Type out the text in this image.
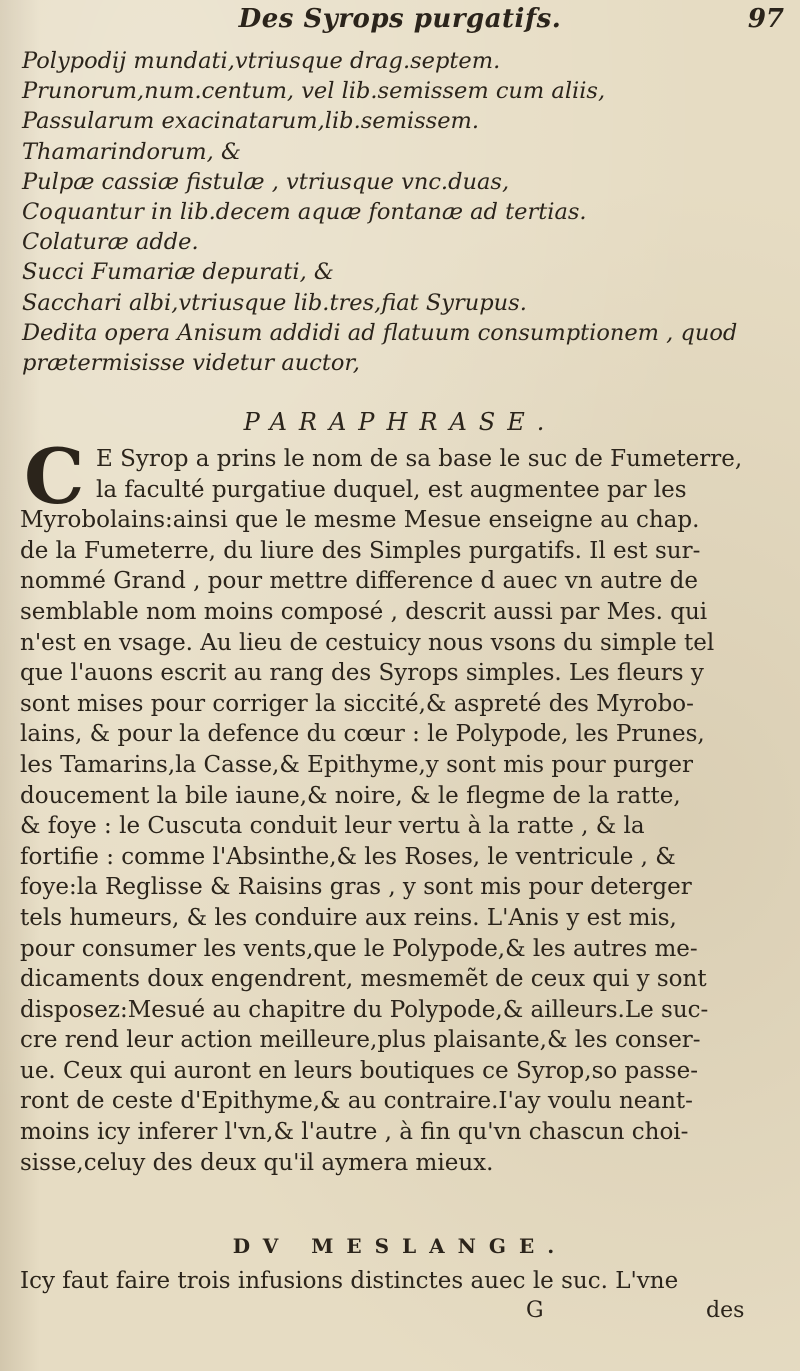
Des Syrops purgatifs.	97
Polypodij mundati,vtriusque drag.septem.
Prunorum,num.centum, vel lib.semissem cum aliis,
Passularum exacinatarum,lib.semissem.
Thamarindorum, &
Pulpæ cassiæ fistulæ , vtriusque vnc.duas,
Coquantur in lib.decem aquæ fontanæ ad tertias.
Colaturæ adde.
Succi Fumariæ depurati, &
Sacchari albi,vtriusque lib.tres,fiat Syrupus.
Dedita opera Anisum addidi ad flatuum consumptionem , quod
prætermisisse videtur auctor,
PARAPHRASE.
C E Syrop a prins le nom de sa base le suc de Fumeterre,
la faculté purgatiue duquel, est augmentee par les
Myrobolains:ainsi que le mesme Mesue enseigne au chap.
de la Fumeterre, du liure des Simples purgatifs. Il est sur-
nommé Grand , pour mettre difference d auec vn autre de
semblable nom moins composé , descrit aussi par Mes. qui
n'est en vsage. Au lieu de cestuicy nous vsons du simple tel
que l'auons escrit au rang des Syrops simples. Les fleurs y
sont mises pour corriger la siccité,& aspreté des Myrobo-
lains, & pour la defence du cœur : le Polypode, les Prunes,
les Tamarins,la Casse,& Epithyme,y sont mis pour purger
doucement la bile iaune,& noire, & le flegme de la ratte,
& foye : le Cuscuta conduit leur vertu à la ratte , & la
fortifie : comme l'Absinthe,& les Roses, le ventricule , &
foye:la Reglisse & Raisins gras , y sont mis pour deterger
tels humeurs, & les conduire aux reins. L'Anis y est mis,
pour consumer les vents,que le Polypode,& les autres me-
dicaments doux engendrent, mesmemẽt de ceux qui y sont
disposez:Mesué au chapitre du Polypode,& ailleurs.Le suc-
cre rend leur action meilleure,plus plaisante,& les conser-
ue. Ceux qui auront en leurs boutiques ce Syrop,so passe-
ront de ceste d'Epithyme,& au contraire.I'ay voulu neant-
moins icy inferer l'vn,& l'autre , à fin qu'vn chascun choi-
sisse,celuy des deux qu'il aymera mieux.
DV MESLANGE.
Icy faut faire trois infusions distinctes auec le suc. L'vne
G	des
